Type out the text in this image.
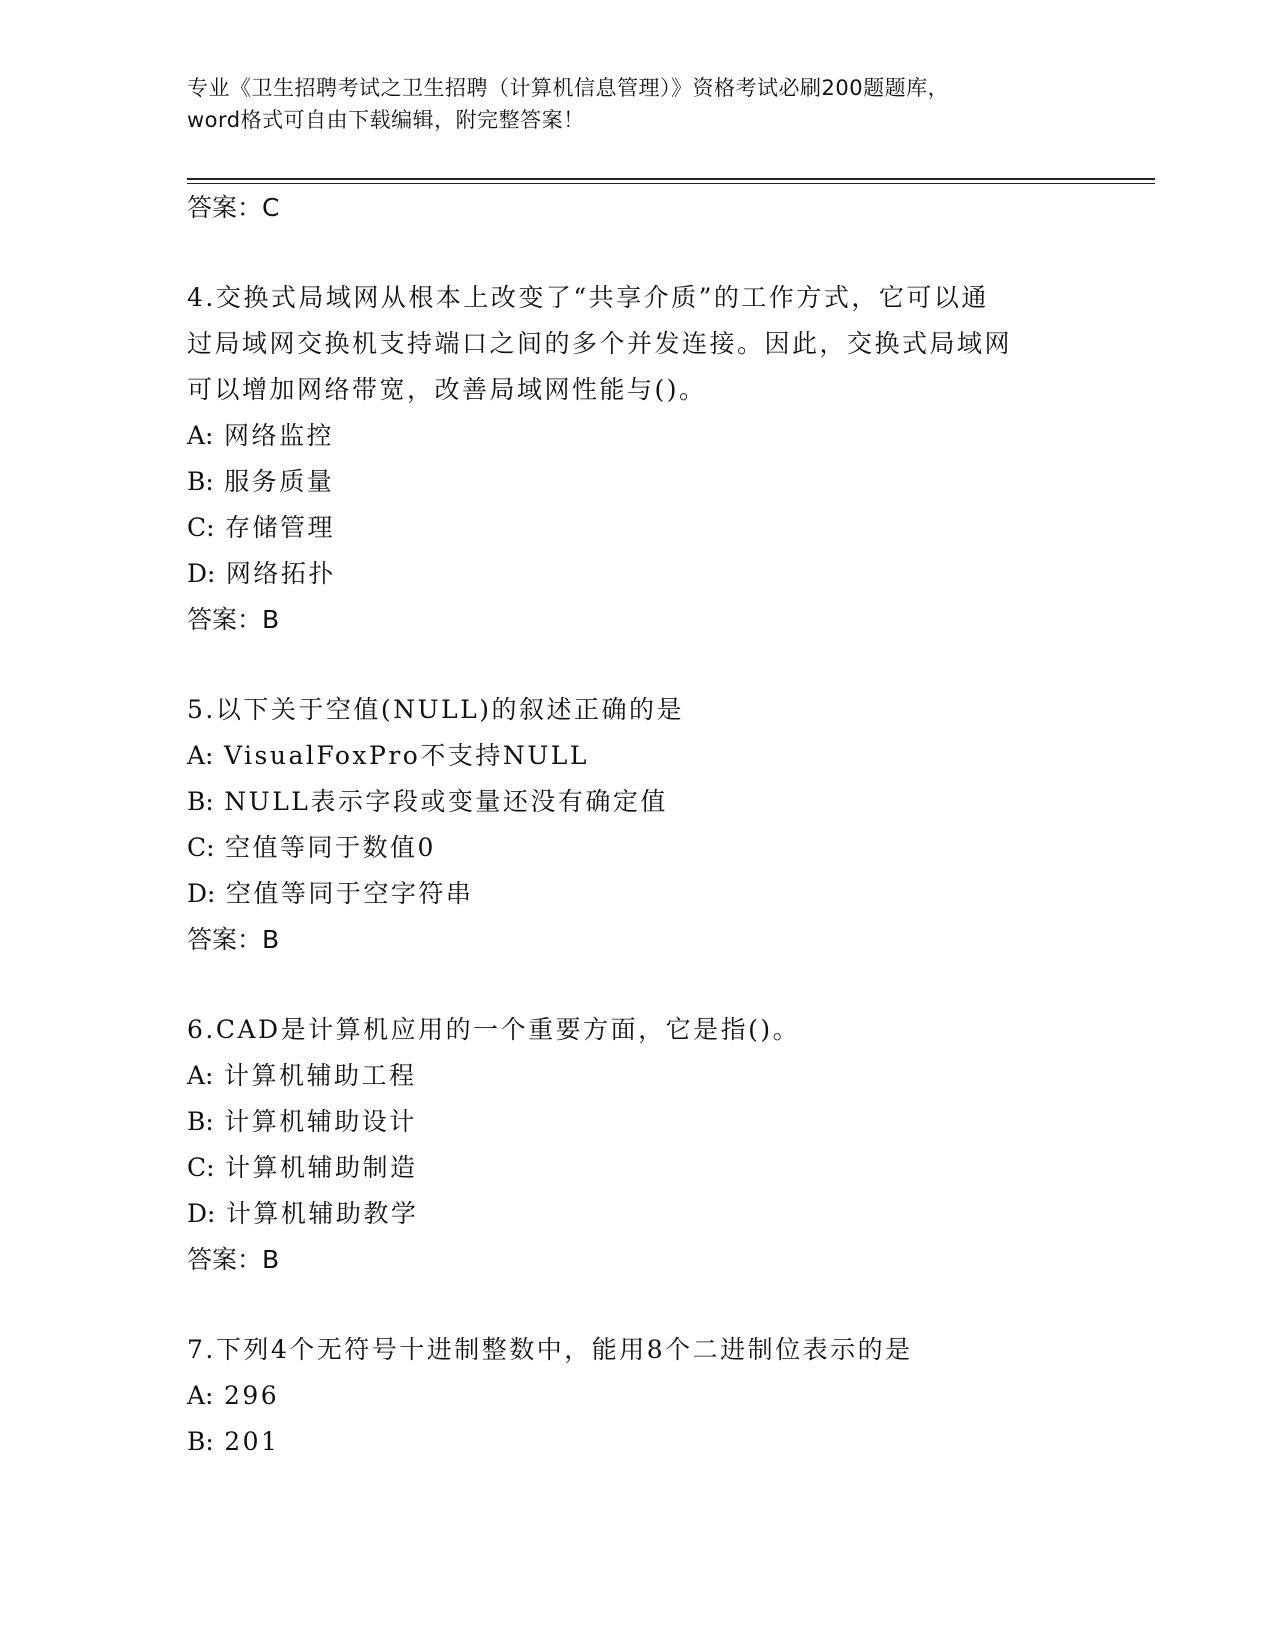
专业《卫生招聘考试之卫生招聘（计算机信息管理）》资格考试必刷200题题库，
word格式可自由下载编辑，附完整答案！

答案：C

4.交换式局域网从根本上改变了“共享介质”的工作方式，它可以通

过局域网交换机支持端口之间的多个并发连接。因此，交换式局域网

可以增加网络带宽，改善局域网性能与()。

A: 网络监控

B: 服务质量

C: 存储管理

D: 网络拓扑

答案：B

5.以下关于空值(NULL)的叙述正确的是

A: VisualFoxPro不支持NULL

B: NULL表示字段或变量还没有确定值

C: 空值等同于数值0

D: 空值等同于空字符串

答案：B

6.CAD是计算机应用的一个重要方面，它是指()。

A: 计算机辅助工程

B: 计算机辅助设计

C: 计算机辅助制造

D: 计算机辅助教学

答案：B

7.下列4个无符号十进制整数中，能用8个二进制位表示的是

A: 296

B: 201
